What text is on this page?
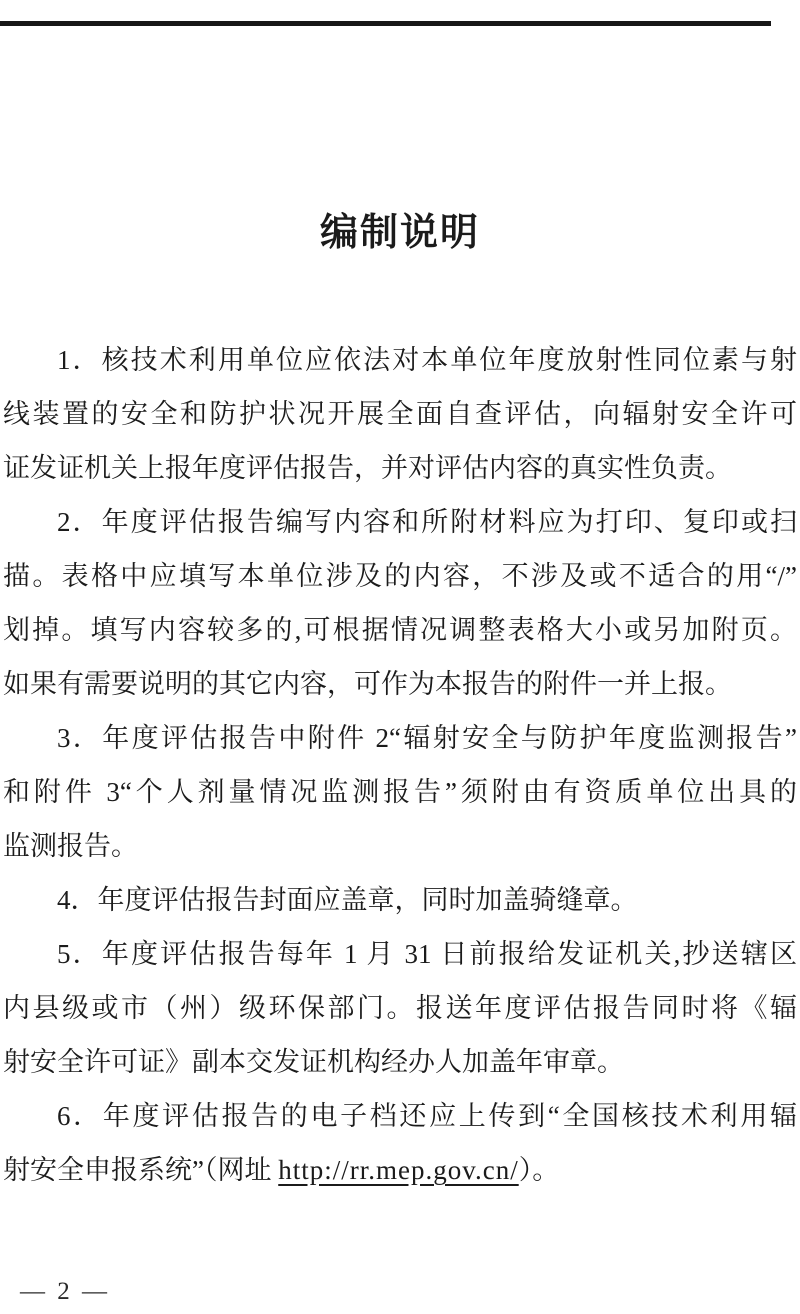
编制说明
1．核技术利用单位应依法对本单位年度放射性同位素与射
线装置的安全和防护状况开展全面自查评估，向辐射安全许可
证发证机关上报年度评估报告，并对评估内容的真实性负责。
2．年度评估报告编写内容和所附材料应为打印、复印或扫
描。表格中应填写本单位涉及的内容，不涉及或不适合的用“/”
划掉。填写内容较多的,可根据情况调整表格大小或另加附页。
如果有需要说明的其它内容，可作为本报告的附件一并上报。
3．年度评估报告中附件 2“辐射安全与防护年度监测报告”
和附件 3“个人剂量情况监测报告”须附由有资质单位出具的
监测报告。
4．年度评估报告封面应盖章，同时加盖骑缝章。
5．年度评估报告每年 1 月 31 日前报给发证机关,抄送辖区
内县级或市（州）级环保部门。报送年度评估报告同时将《辐
射安全许可证》副本交发证机构经办人加盖年审章。
6．年度评估报告的电子档还应上传到“全国核技术利用辐
射安全申报系统”（网址 http://rr.mep.gov.cn/）。
— 2 —
